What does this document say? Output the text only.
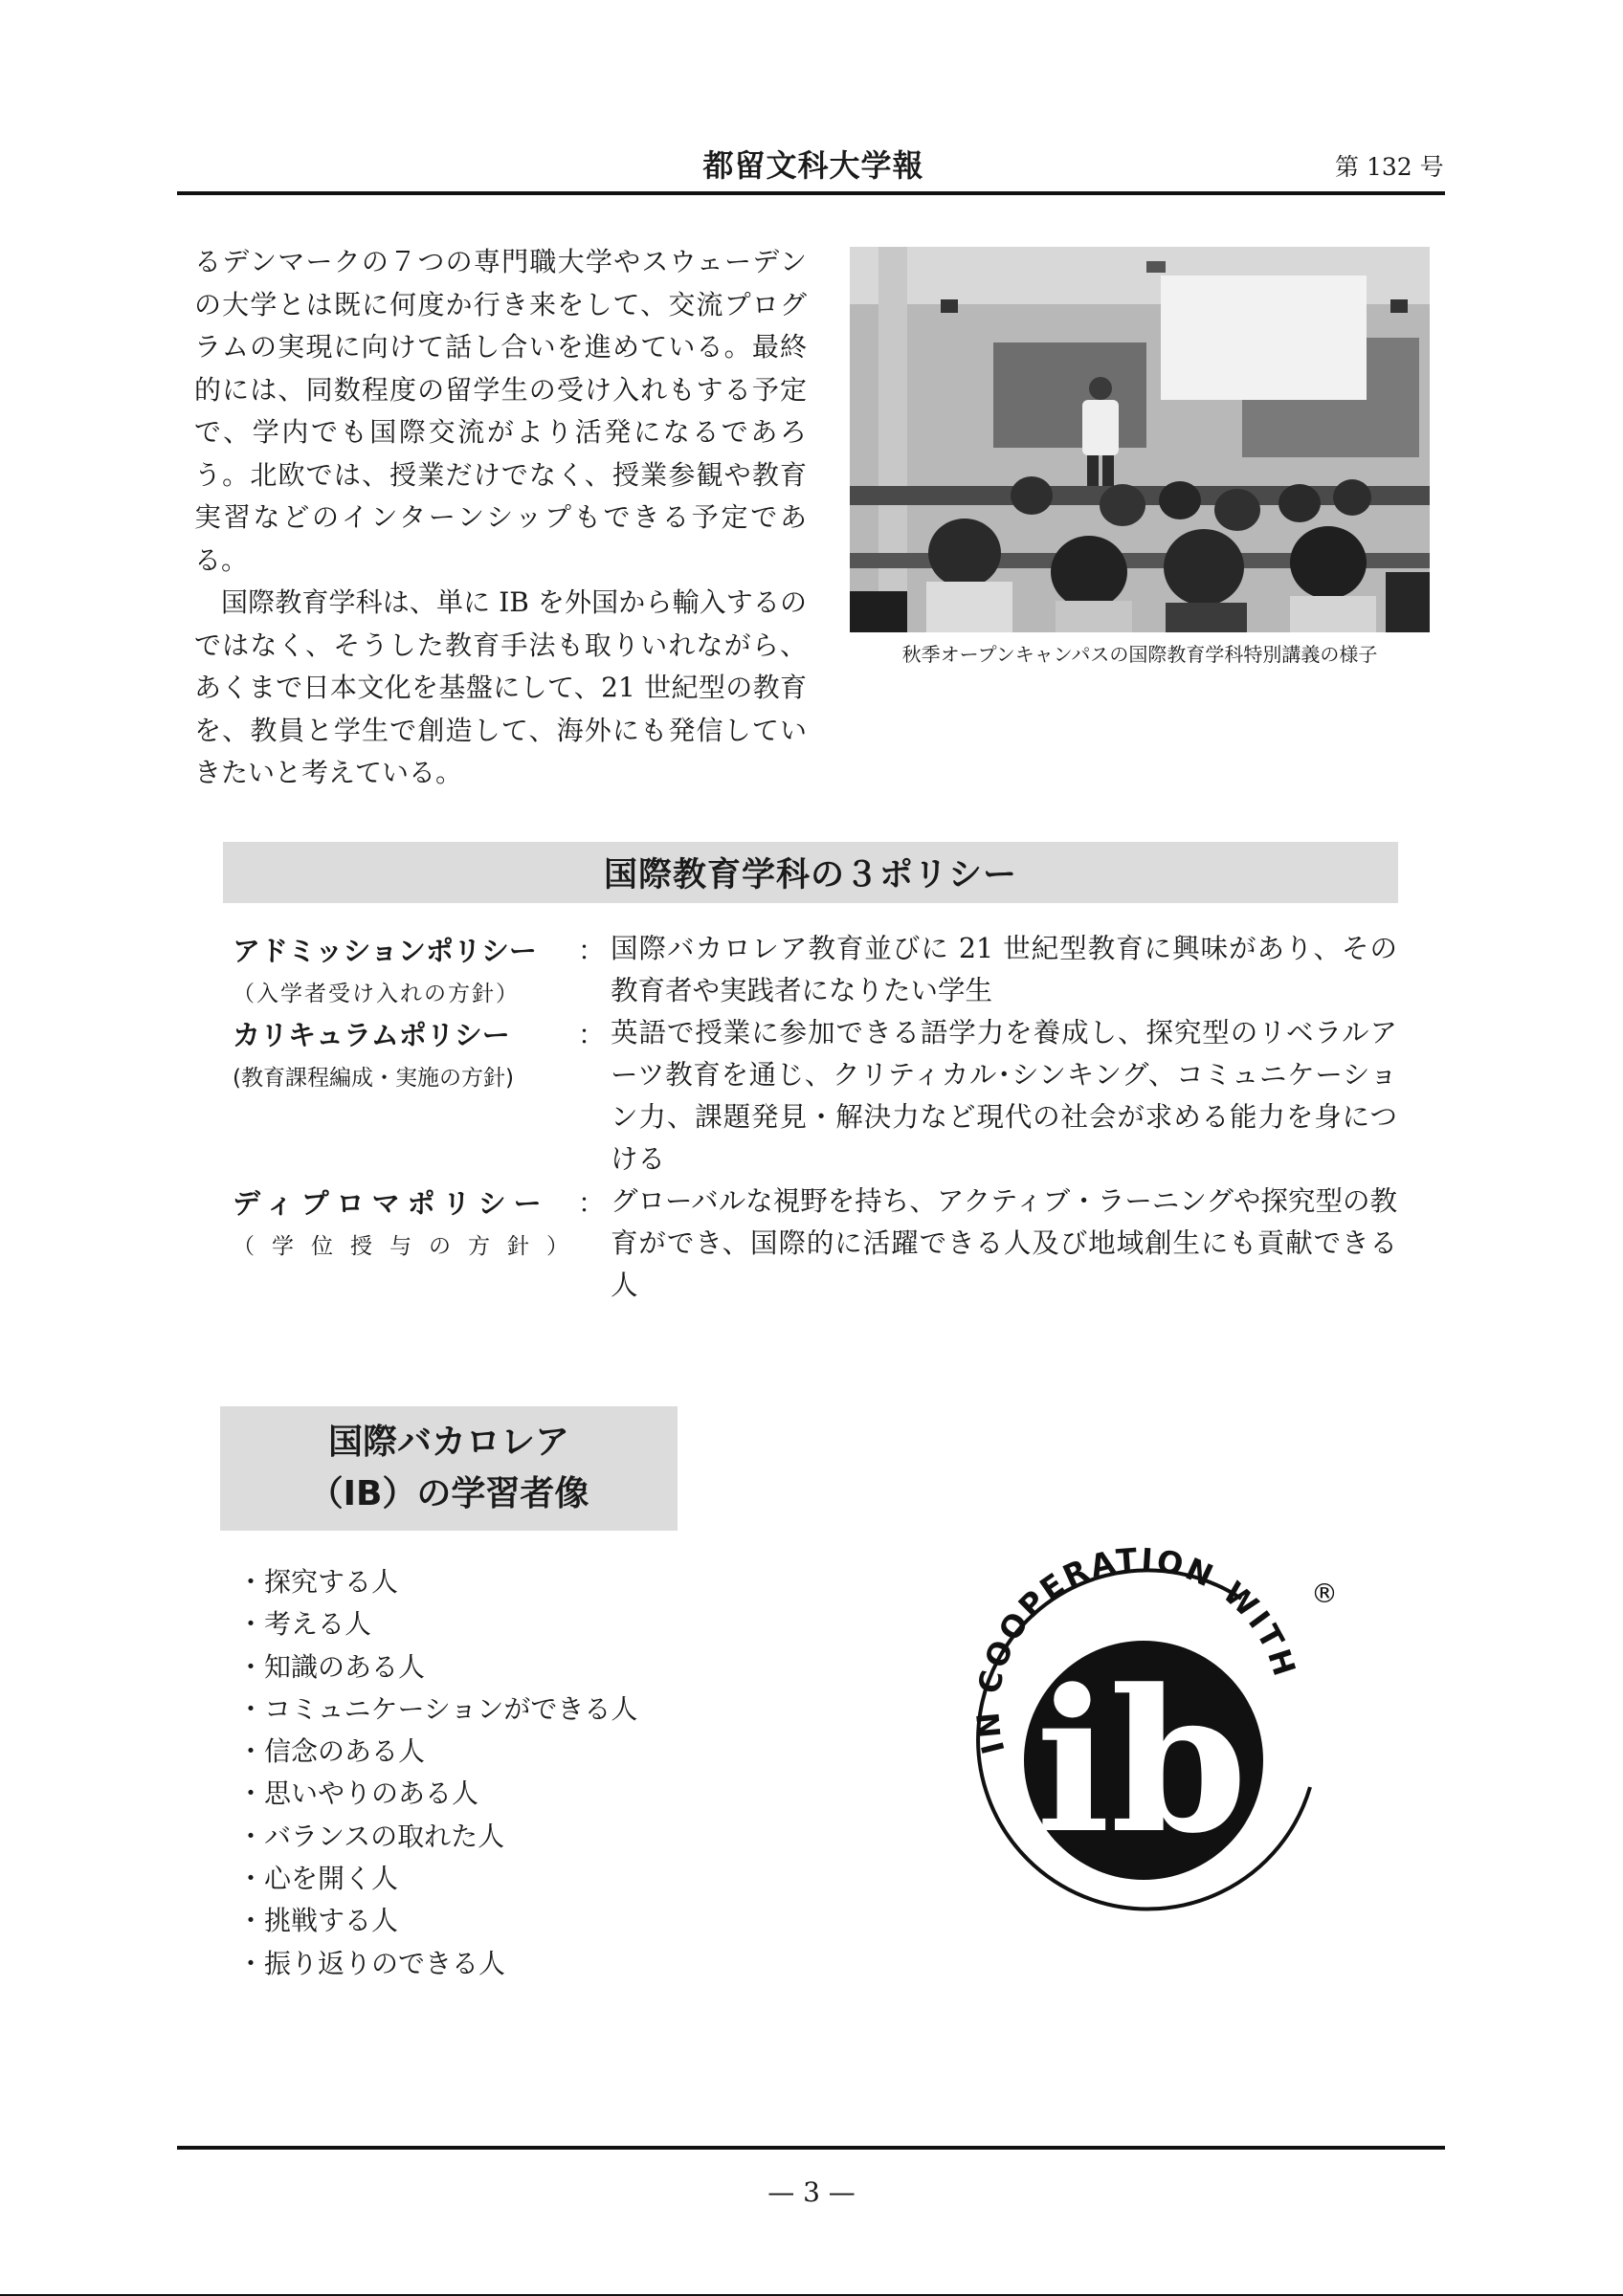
都留文科大学報	第 132 号

るデンマークの７つの専門職大学やスウェーデンの大学とは既に何度か行き来をして、交流プログラムの実現に向けて話し合いを進めている。最終的には、同数程度の留学生の受け入れもする予定で、学内でも国際交流がより活発になるであろう。北欧では、授業だけでなく、授業参観や教育実習などのインターンシップもできる予定である。

国際教育学科は、単に IB を外国から輸入するのではなく、そうした教育手法も取りいれながら、あくまで日本文化を基盤にして、21 世紀型の教育を、教員と学生で創造して、海外にも発信していきたいと考えている。

秋季オープンキャンパスの国際教育学科特別講義の様子
国際教育学科の３ポリシー
アドミッションポリシー
（入学者受け入れの方針）
： 国際バカロレア教育並びに 21 世紀型教育に興味があり、その教育者や実践者になりたい学生
カリキュラムポリシー
(教育課程編成・実施の方針)
： 英語で授業に参加できる語学力を養成し、探究型のリベラルアーツ教育を通じ、クリティカル･シンキング、コミュニケーション力、課題発見・解決力など現代の社会が求める能力を身につける
ディプロマポリシー
（学位授与の方針）
： グローバルな視野を持ち、アクティブ・ラーニングや探究型の教育ができ、国際的に活躍できる人及び地域創生にも貢献できる人
国際バカロレア
（IB）の学習者像
・ 探究する人
・ 考える人
・ 知識のある人
・ コミュニケーションができる人
・ 信念のある人
・ 思いやりのある人
・ バランスの取れた人
・ 心を開く人
・ 挑戦する人
・ 振り返りのできる人
IN COOPERATION WITH
ib
®
— 3 —
